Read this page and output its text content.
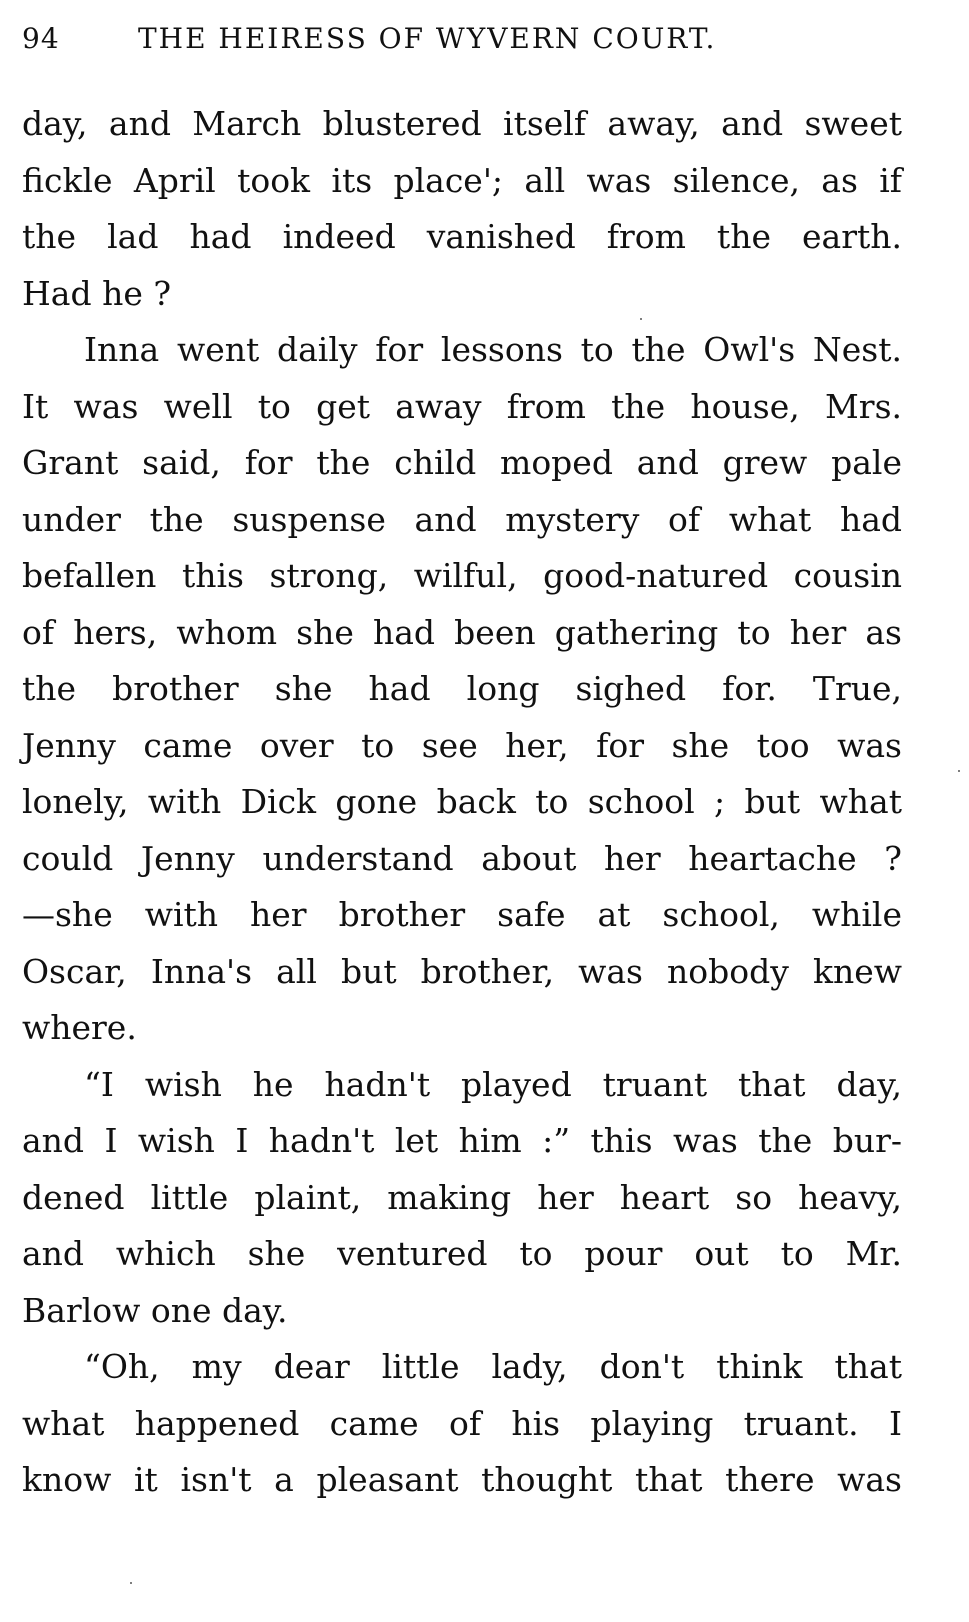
94	THE HEIRESS OF WYVERN COURT.
day, and March blustered itself away, and sweet
fickle April took its place'; all was silence, as if
the lad had indeed vanished from the earth.
Had he ?
Inna went daily for lessons to the Owl's Nest.
It was well to get away from the house, Mrs.
Grant said, for the child moped and grew pale
under the suspense and mystery of what had
befallen this strong, wilful, good-natured cousin
of hers, whom she had been gathering to her as
the brother she had long sighed for. True,
Jenny came over to see her, for she too was
lonely, with Dick gone back to school ; but what
could Jenny understand about her heartache ?
—she with her brother safe at school, while
Oscar, Inna's all but brother, was nobody knew
where.
“I wish he hadn't played truant that day,
and I wish I hadn't let him :” this was the bur-
dened little plaint, making her heart so heavy,
and which she ventured to pour out to Mr.
Barlow one day.
“Oh, my dear little lady, don't think that
what happened came of his playing truant. I
know it isn't a pleasant thought that there was
